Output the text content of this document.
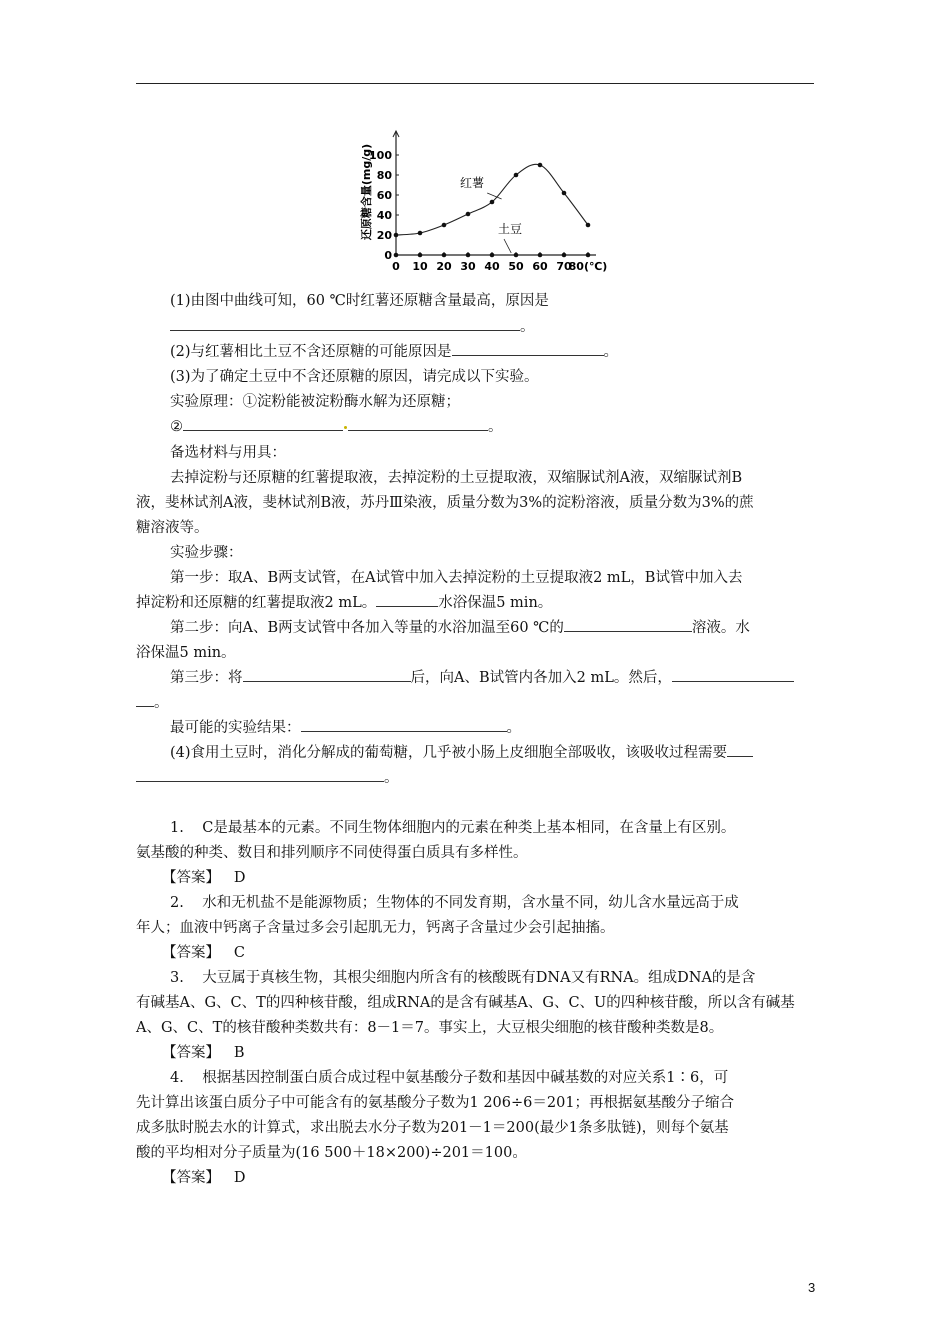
0 10 20 30 40 50 60 70
80(℃)
0
20
40
60
80
100
还原糖含量(mg/g)	红薯
土豆
(1)由图中曲线可知，60 ℃时红薯还原糖含量最高，原因是
。
(2)与红薯相比土豆不含还原糖的可能原因是	。
(3)为了确定土豆中不含还原糖的原因，请完成以下实验。
实验原理：①淀粉能被淀粉酶水解为还原糖；
②	。
备选材料与用具：
去掉淀粉与还原糖的红薯提取液，去掉淀粉的土豆提取液，双缩脲试剂A液，双缩脲试剂B
液，斐林试剂A液，斐林试剂B液，苏丹Ⅲ染液，质量分数为3%的淀粉溶液，质量分数为3%的蔗
糖溶液等。
实验步骤：
第一步：取A、B两支试管，在A试管中加入去掉淀粉的土豆提取液2 mL，B试管中加入去
掉淀粉和还原糖的红薯提取液2 mL。	水浴保温5 min。
第二步：向A、B两支试管中各加入等量的水浴加温至60 ℃的	溶液。水
浴保温5 min。
第三步：将	后，向A、B试管内各加入2 mL。然后，
。
最可能的实验结果：	。
(4)食用土豆时，消化分解成的葡萄糖，几乎被小肠上皮细胞全部吸收，该吸收过程需要
。
1. C是最基本的元素。不同生物体细胞内的元素在种类上基本相同，在含量上有区别。
氨基酸的种类、数目和排列顺序不同使得蛋白质具有多样性。
【答案】 D
2. 水和无机盐不是能源物质；生物体的不同发育期，含水量不同，幼儿含水量远高于成
年人；血液中钙离子含量过多会引起肌无力，钙离子含量过少会引起抽搐。
【答案】 C
3. 大豆属于真核生物，其根尖细胞内所含有的核酸既有DNA又有RNA。组成DNA的是含
有碱基A、G、C、T的四种核苷酸，组成RNA的是含有碱基A、G、C、U的四种核苷酸，所以含有碱基
A、G、C、T的核苷酸种类数共有：8－1＝7。事实上，大豆根尖细胞的核苷酸种类数是8。
【答案】 B
4. 根据基因控制蛋白质合成过程中氨基酸分子数和基因中碱基数的对应关系1∶6，可
先计算出该蛋白质分子中可能含有的氨基酸分子数为1 206÷6＝201；再根据氨基酸分子缩合
成多肽时脱去水的计算式，求出脱去水分子数为201－1＝200(最少1条多肽链)，则每个氨基
酸的平均相对分子质量为(16 500＋18×200)÷201＝100。
【答案】 D
3
